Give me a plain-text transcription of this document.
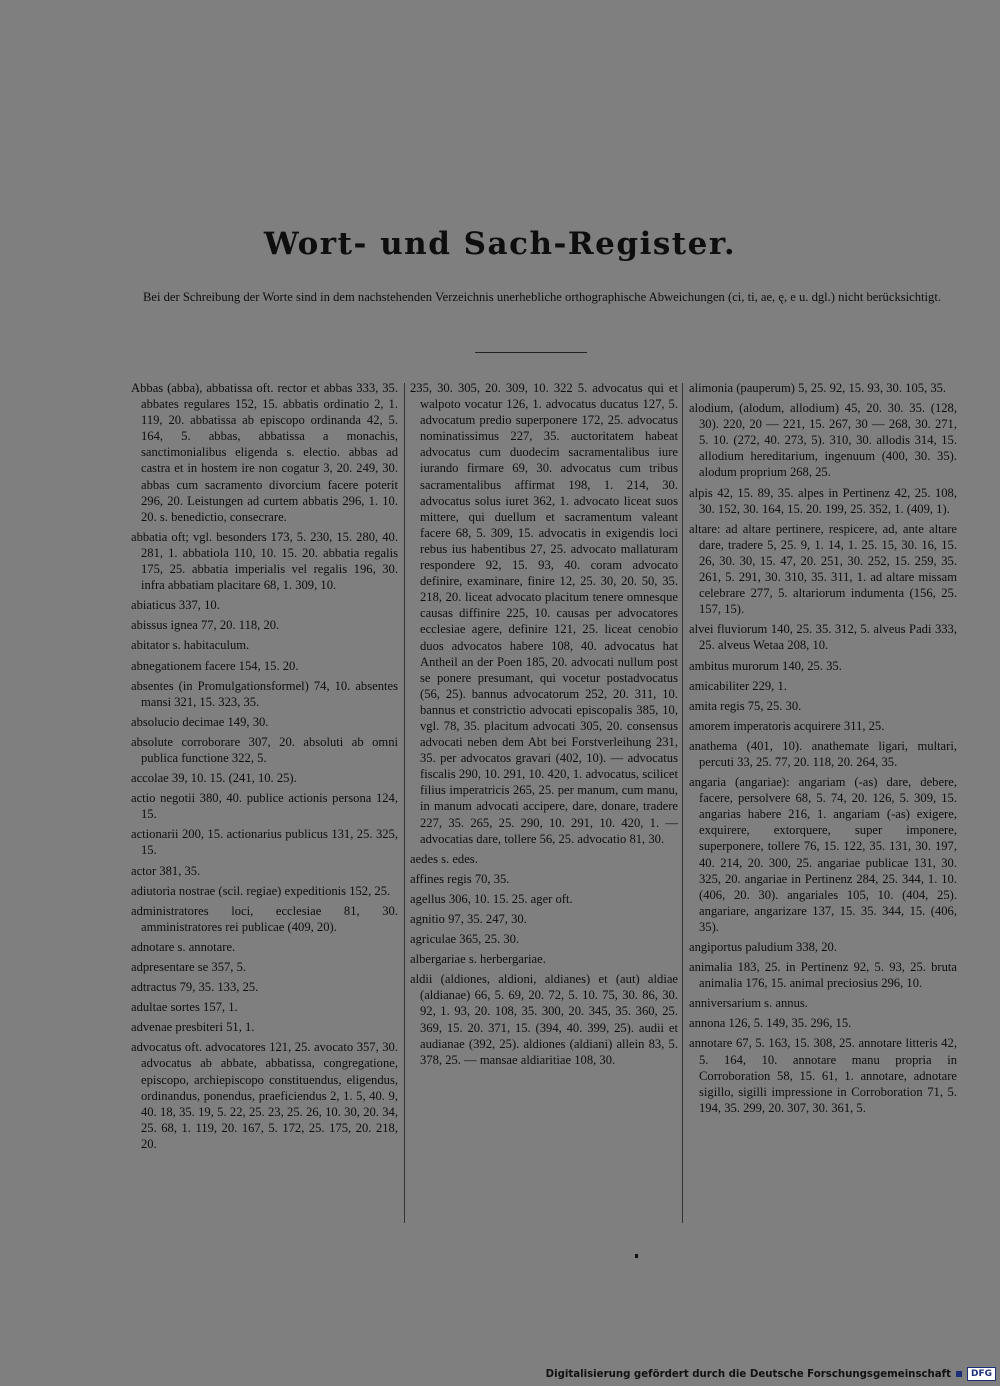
Wort- und Sach-Register.
Bei der Schreibung der Worte sind in dem nachstehenden Verzeichnis unerhebliche orthographische Abweichungen (ci, ti, ae, ę, e u. dgl.) nicht berücksichtigt.

Abbas (abba), abbatissa oft. rector et abbas 333, 35. abbates regulares 152, 15. abbatis ordinatio 2, 1. 119, 20. abbatissa ab episcopo ordinanda 42, 5. 164, 5. abbas, abbatissa a monachis, sanctimonialibus eligenda s. electio. abbas ad castra et in hostem ire non cogatur 3, 20. 249, 30. abbas cum sacramento divorcium facere poterit 296, 20. Leistungen ad curtem abbatis 296, 1. 10. 20. s. benedictio, consecrare.

abbatia oft; vgl. besonders 173, 5. 230, 15. 280, 40. 281, 1. abbatiola 110, 10. 15. 20. abbatia regalis 175, 25. abbatia imperialis vel regalis 196, 30. infra abbatiam placitare 68, 1. 309, 10.

abiaticus 337, 10.

abissus ignea 77, 20. 118, 20.

abitator s. habitaculum.

abnegationem facere 154, 15. 20.

absentes (in Promulgationsformel) 74, 10. absentes mansi 321, 15. 323, 35.

absolucio decimae 149, 30.

absolute corroborare 307, 20. absoluti ab omni publica functione 322, 5.

accolae 39, 10. 15. (241, 10. 25).

actio negotii 380, 40. publice actionis persona 124, 15.

actionarii 200, 15. actionarius publicus 131, 25. 325, 15.

actor 381, 35.

adiutoria nostrae (scil. regiae) expeditionis 152, 25.

administratores loci, ecclesiae 81, 30. amministratores rei publicae (409, 20).

adnotare s. annotare.

adpresentare se 357, 5.

adtractus 79, 35. 133, 25.

adultae sortes 157, 1.

advenae presbiteri 51, 1.

advocatus oft. advocatores 121, 25. avocato 357, 30. advocatus ab abbate, abbatissa, congregatione, episcopo, archiepiscopo constituendus, eligendus, ordinandus, ponendus, praeficiendus 2, 1. 5, 40. 9, 40. 18, 35. 19, 5. 22, 25. 23, 25. 26, 10. 30, 20. 34, 25. 68, 1. 119, 20. 167, 5. 172, 25. 175, 20. 218, 20.

235, 30. 305, 20. 309, 10. 322 5. advocatus qui et walpoto vocatur 126, 1. advocatus ducatus 127, 5. advocatum predio superponere 172, 25. advocatus nominatissimus 227, 35. auctoritatem habeat advocatus cum duodecim sacramentalibus iure iurando firmare 69, 30. advocatus cum tribus sacramentalibus affirmat 198, 1. 214, 30. advocatus solus iuret 362, 1. advocato liceat suos mittere, qui duellum et sacramentum valeant facere 68, 5. 309, 15. advocatis in exigendis loci rebus ius habentibus 27, 25. advocato mallaturam respondere 92, 15. 93, 40. coram advocato definire, examinare, finire 12, 25. 30, 20. 50, 35. 218, 20. liceat advocato placitum tenere omnesque causas diffinire 225, 10. causas per advocatores ecclesiae agere, definire 121, 25. liceat cenobio duos advocatos habere 108, 40. advocatus hat Antheil an der Poen 185, 20. advocati nullum post se ponere presumant, qui vocetur postadvocatus (56, 25). bannus advocatorum 252, 20. 311, 10. bannus et constrictio advocati episcopalis 385, 10, vgl. 78, 35. placitum advocati 305, 20. consensus advocati neben dem Abt bei Forstverleihung 231, 35. per advocatos gravari (402, 10). — advocatus fiscalis 290, 10. 291, 10. 420, 1. advocatus, scilicet filius imperatricis 265, 25. per manum, cum manu, in manum advocati accipere, dare, donare, tradere 227, 35. 265, 25. 290, 10. 291, 10. 420, 1. — advocatias dare, tollere 56, 25. advocatio 81, 30.

aedes s. edes.

affines regis 70, 35.

agellus 306, 10. 15. 25. ager oft.

agnitio 97, 35. 247, 30.

agriculae 365, 25. 30.

albergariae s. herbergariae.

aldii (aldiones, aldioni, aldianes) et (aut) aldiae (aldianae) 66, 5. 69, 20. 72, 5. 10. 75, 30. 86, 30. 92, 1. 93, 20. 108, 35. 300, 20. 345, 35. 360, 25. 369, 15. 20. 371, 15. (394, 40. 399, 25). audii et audianae (392, 25). aldiones (aldiani) allein 83, 5. 378, 25. — mansae aldiaritiae 108, 30.

alimonia (pauperum) 5, 25. 92, 15. 93, 30. 105, 35.

alodium, (alodum, allodium) 45, 20. 30. 35. (128, 30). 220, 20 — 221, 15. 267, 30 — 268, 30. 271, 5. 10. (272, 40. 273, 5). 310, 30. allodis 314, 15. allodium hereditarium, ingenuum (400, 30. 35). alodum proprium 268, 25.

alpis 42, 15. 89, 35. alpes in Pertinenz 42, 25. 108, 30. 152, 30. 164, 15. 20. 199, 25. 352, 1. (409, 1).

altare: ad altare pertinere, respicere, ad, ante altare dare, tradere 5, 25. 9, 1. 14, 1. 25. 15, 30. 16, 15. 26, 30. 30, 15. 47, 20. 251, 30. 252, 15. 259, 35. 261, 5. 291, 30. 310, 35. 311, 1. ad altare missam celebrare 277, 5. altariorum indumenta (156, 25. 157, 15).

alvei fluviorum 140, 25. 35. 312, 5. alveus Padi 333, 25. alveus Wetaa 208, 10.

ambitus murorum 140, 25. 35.

amicabiliter 229, 1.

amita regis 75, 25. 30.

amorem imperatoris acquirere 311, 25.

anathema (401, 10). anathemate ligari, multari, percuti 33, 25. 77, 20. 118, 20. 264, 35.

angaria (angariae): angariam (-as) dare, debere, facere, persolvere 68, 5. 74, 20. 126, 5. 309, 15. angarias habere 216, 1. angariam (-as) exigere, exquirere, extorquere, super imponere, superponere, tollere 76, 15. 122, 35. 131, 30. 197, 40. 214, 20. 300, 25. angariae publicae 131, 30. 325, 20. angariae in Pertinenz 284, 25. 344, 1. 10. (406, 20. 30). angariales 105, 10. (404, 25). angariare, angarizare 137, 15. 35. 344, 15. (406, 35).

angiportus paludium 338, 20.

animalia 183, 25. in Pertinenz 92, 5. 93, 25. bruta animalia 176, 15. animal preciosius 296, 10.

anniversarium s. annus.

annona 126, 5. 149, 35. 296, 15.

annotare 67, 5. 163, 15. 308, 25. annotare litteris 42, 5. 164, 10. annotare manu propria in Corroboration 58, 15. 61, 1. annotare, adnotare sigillo, sigilli impressione in Corroboration 71, 5. 194, 35. 299, 20. 307, 30. 361, 5.

Digitalisierung gefördert durch die Deutsche Forschungsgemeinschaft	DFG
